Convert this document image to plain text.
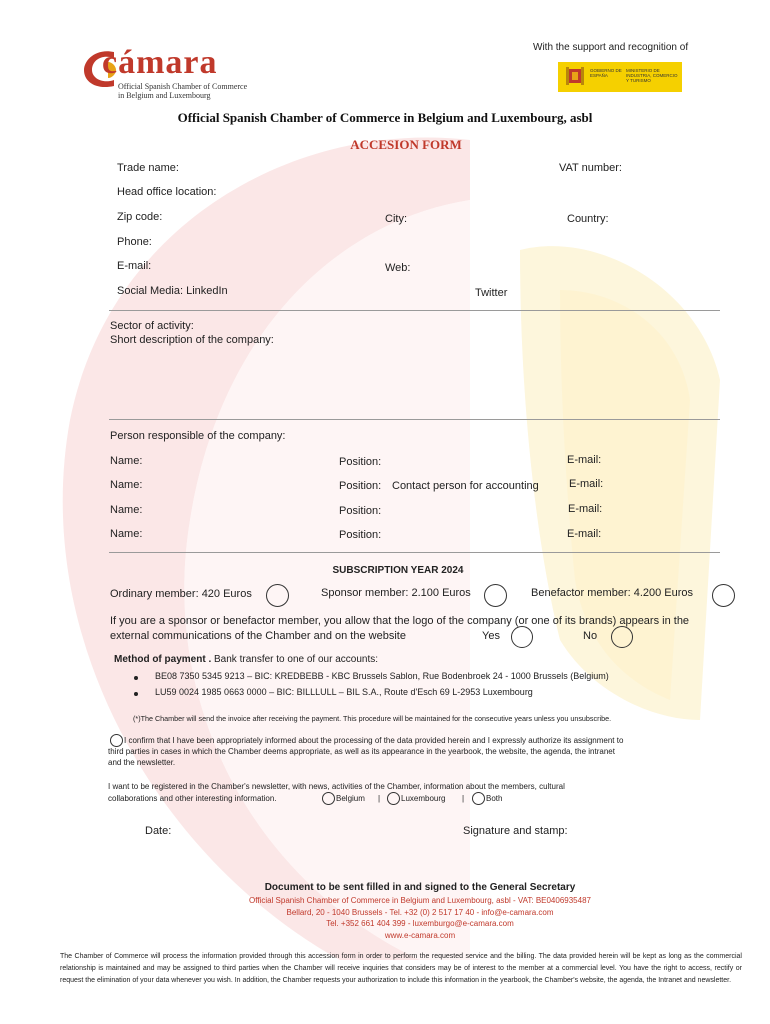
With the support and recognition of
cámara
Official Spanish Chamber of Commerce
in Belgium and Luxembourg
GOBIERNO DE ESPAÑA
MINISTERIO DE INDUSTRIA, COMERCIO Y TURISMO
Official Spanish Chamber of Commerce in Belgium and Luxembourg, asbl
ACCESION FORM
Trade name:	VAT number:
Head office location:
Zip code:	City:	Country:
Phone:
E-mail:	Web:
Social Media: LinkedIn	Twitter
Sector of activity:
Short description of the company:
Person responsible of the company:
Name:	Position:	E-mail:
Name:	Position: Contact person for accounting	E-mail:
Name:	Position:	E-mail:
Name:	Position:	E-mail:
SUBSCRIPTION YEAR 2024
Ordinary member: 420 Euros	Sponsor member: 2.100 Euros	Benefactor member: 4.200 Euros
If you are a sponsor or benefactor member, you allow that the logo of the company (or one of its brands) appears in the
external communications of the Chamber and on the website	Yes	No
Method of payment . Bank transfer to one of our accounts:
BE08 7350 5345 9213 – BIC: KREDBEBB - KBC Brussels Sablon, Rue Bodenbroek 24 - 1000 Brussels (Belgium)
LU59 0024 1985 0663 0000 – BIC: BILLLULL – BIL S.A., Route d'Esch 69 L-2953 Luxembourg
(*)The Chamber will send the invoice after receiving the payment. This procedure will be maintained for the consecutive years unless you unsubscribe.
I confirm that I have been appropriately informed about the processing of the data provided herein and I expressly authorize its assignment to
third parties in cases in which the Chamber deems appropriate, as well as its appearance in the yearbook, the website, the agenda, the intranet
and the newsletter.
I want to be registered in the Chamber's newsletter, with news, activities of the Chamber, information about the members, cultural
collaborations and other interesting information.	Belgium |	Luxembourg |	Both
Date:	Signature and stamp:
Document to be sent filled in and signed to the General Secretary
Official Spanish Chamber of Commerce in Belgium and Luxembourg, asbl - VAT: BE0406935487
Bellard, 20 - 1040 Brussels - Tel. +32 (0) 2 517 17 40 - info@e-camara.com
Tel. +352 661 404 399 - luxemburgo@e-camara.com
www.e-camara.com
The Chamber of Commerce will process the information provided through this accession form in order to perform the requested service and the billing. The data provided herein will be kept as long as the commercial relationship is maintained and may be assigned to third parties when the Chamber will receive inquiries that considers may be of interest to the member at a commercial level. You have the right to access, rectify or request the elimination of your data whenever you wish. In addition, the Chamber requests your authorization to include this information in the yearbook, the Chamber's website, the agenda, the Intranet and newsletter.
